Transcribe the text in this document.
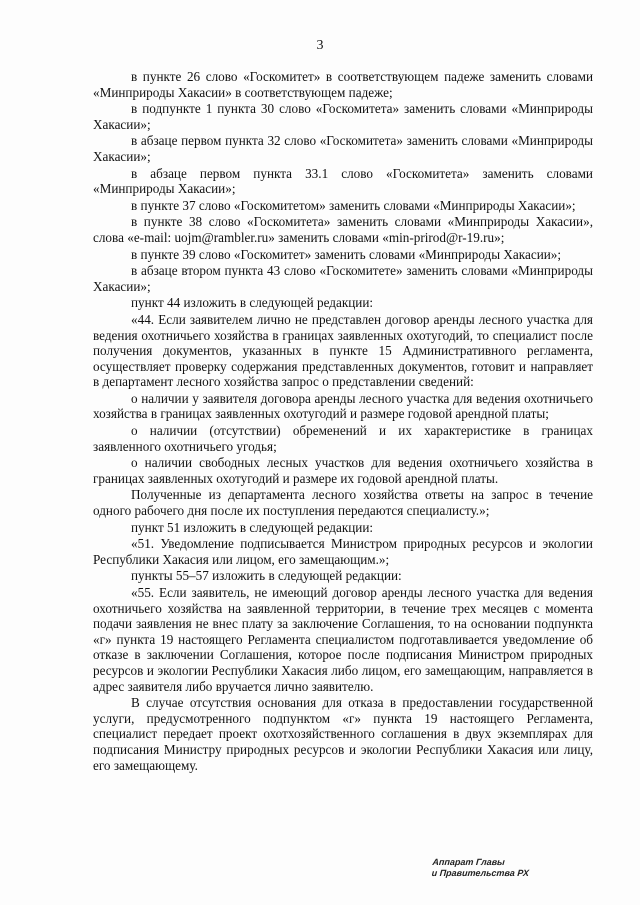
3

в пункте 26 слово «Госкомитет» в соответствующем падеже заменить словами «Минприроды Хакасии» в соответствующем падеже;

в подпункте 1 пункта 30 слово «Госкомитета» заменить словами «Минприроды Хакасии»;

в абзаце первом пункта 32 слово «Госкомитета» заменить словами «Минприроды Хакасии»;

в абзаце первом пункта 33.1 слово «Госкомитета» заменить словами «Минприроды Хакасии»;

в пункте 37 слово «Госкомитетом» заменить словами «Минприроды Хакасии»;

в пункте 38 слово «Госкомитета» заменить словами «Минприроды Хакасии», слова «e-mail: uojm@rambler.ru» заменить словами «min-prirod@r-19.ru»;

в пункте 39 слово «Госкомитет» заменить словами «Минприроды Хакасии»;

в абзаце втором пункта 43 слово «Госкомитете» заменить словами «Минприроды Хакасии»;

пункт 44 изложить в следующей редакции:

«44. Если заявителем лично не представлен договор аренды лесного участка для ведения охотничьего хозяйства в границах заявленных охотугодий, то специалист после получения документов, указанных в пункте 15 Административного регламента, осуществляет проверку содержания представленных документов, готовит и направляет в департамент лесного хозяйства запрос о представлении сведений:

о наличии у заявителя договора аренды лесного участка для ведения охотничьего хозяйства в границах заявленных охотугодий и размере годовой арендной платы;

о наличии (отсутствии) обременений и их характеристике в границах заявленного охотничьего угодья;

о наличии свободных лесных участков для ведения охотничьего хозяйства в границах заявленных охотугодий и размере их годовой арендной платы.

Полученные из департамента лесного хозяйства ответы на запрос в течение одного рабочего дня после их поступления передаются специалисту.»;

пункт 51 изложить в следующей редакции:

«51. Уведомление подписывается Министром природных ресурсов и экологии Республики Хакасия или лицом, его замещающим.»;

пункты 55–57 изложить в следующей редакции:

«55. Если заявитель, не имеющий договор аренды лесного участка для ведения охотничьего хозяйства на заявленной территории, в течение трех месяцев с момента подачи заявления не внес плату за заключение Соглашения, то на основании подпункта «г» пункта 19 настоящего Регламента специалистом подготавливается уведомление об отказе в заключении Соглашения, которое после подписания Министром природных ресурсов и экологии Республики Хакасия либо лицом, его замещающим, направляется в адрес заявителя либо вручается лично заявителю.

В случае отсутствия основания для отказа в предоставлении государственной услуги, предусмотренного подпунктом «г» пункта 19 настоящего Регламента, специалист передает проект охотхозяйственного соглашения в двух экземплярах для подписания Министру природных ресурсов и экологии Республики Хакасия или лицу, его замещающему.

Аппарат Главы
и Правительства РХ
